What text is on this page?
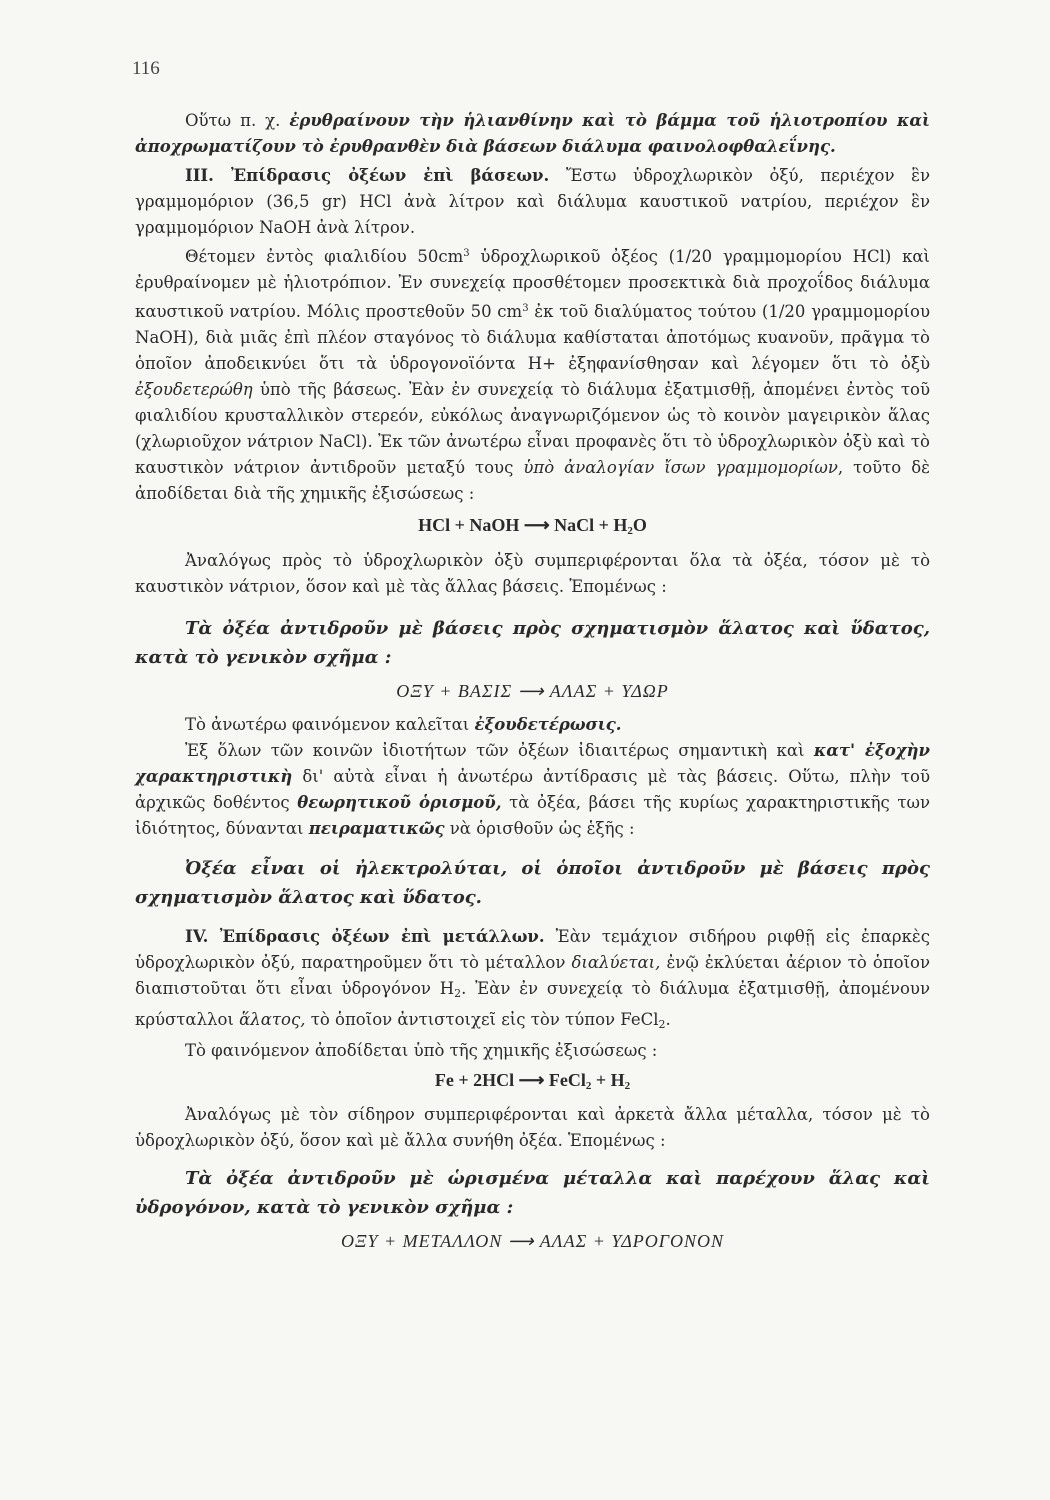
116

Οὕτω π. χ. ἐρυθραίνουν τὴν ἡλιανθίνην καὶ τὸ βάμμα τοῦ ἡλιοτροπίου καὶ ἀποχρωματίζουν τὸ ἐρυθρανθὲν διὰ βάσεων διάλυμα φαινολοφθαλεΐνης.

III. Ἐπίδρασις ὀξέων ἐπὶ βάσεων. Ἔστω ὑδροχλωρικὸν ὀξύ, περιέχον ἓν γραμμομόριον (36,5 gr) HCl ἀνὰ λίτρον καὶ διάλυμα καυστικοῦ νατρίου, περιέχον ἓν γραμμομόριον NaOH ἀνὰ λίτρον.

Θέτομεν ἐντὸς φιαλιδίου $50cm^3$ ὑδροχλωρικοῦ ὀξέος (1/20 γραμμομορίου HCl) καὶ ἐρυθραίνομεν μὲ ἡλιοτρόπιον. Ἐν συνεχείᾳ προσθέτομεν προσεκτικὰ διὰ προχοΐδος διάλυμα καυστικοῦ νατρίου. Μόλις προστεθοῦν 50 $cm^3$ ἐκ τοῦ διαλύματος τούτου (1/20 γραμμομορίου NaOH), διὰ μιᾶς ἐπὶ πλέον σταγόνος τὸ διάλυμα καθίσταται ἀποτόμως κυανοῦν, πρᾶγμα τὸ ὁποῖον ἀποδεικνύει ὅτι τὰ ὑδρογονοϊόντα H+ ἐξηφανίσθησαν καὶ λέγομεν ὅτι τὸ ὀξὺ ἐξουδετερώθη ὑπὸ τῆς βάσεως. Ἐὰν ἐν συνεχείᾳ τὸ διάλυμα ἐξατμισθῇ, ἀπομένει ἐντὸς τοῦ φιαλιδίου κρυσταλλικὸν στερεόν, εὐκόλως ἀναγνωριζόμενον ὡς τὸ κοινὸν μαγειρικὸν ἅλας (χλωριοῦχον νάτριον NaCl). Ἐκ τῶν ἀνωτέρω εἶναι προφανὲς ὅτι τὸ ὑδροχλωρικὸν ὀξὺ καὶ τὸ καυστικὸν νάτριον ἀντιδροῦν μεταξύ τους ὑπὸ ἀναλογίαν ἴσων γραμμομορίων, τοῦτο δὲ ἀποδίδεται διὰ τῆς χημικῆς ἐξισώσεως :

HCl + NaOH ⟶ NaCl + $H_2O$

Ἀναλόγως πρὸς τὸ ὑδροχλωρικὸν ὀξὺ συμπεριφέρονται ὅλα τὰ ὀξέα, τόσον μὲ τὸ καυστικὸν νάτριον, ὅσον καὶ μὲ τὰς ἄλλας βάσεις. Ἑπομένως :

Τὰ ὀξέα ἀντιδροῦν μὲ βάσεις πρὸς σχηματισμὸν ἅλατος καὶ ὕδατος, κατὰ τὸ γενικὸν σχῆμα :

ΟΞΥ + ΒΑΣΙΣ ⟶ ΑΛΑΣ + ΥΔΩΡ

Τὸ ἀνωτέρω φαινόμενον καλεῖται ἐξουδετέρωσις.

Ἐξ ὅλων τῶν κοινῶν ἰδιοτήτων τῶν ὀξέων ἰδιαιτέρως σημαντικὴ καὶ κατ' ἐξοχὴν χαρακτηριστικὴ δι' αὐτὰ εἶναι ἡ ἀνωτέρω ἀντίδρασις μὲ τὰς βάσεις. Οὕτω, πλὴν τοῦ ἀρχικῶς δοθέντος θεωρητικοῦ ὁρισμοῦ, τὰ ὀξέα, βάσει τῆς κυρίως χαρακτηριστικῆς των ἰδιότητος, δύνανται πειραματικῶς νὰ ὁρισθοῦν ὡς ἑξῆς :

Ὀξέα εἶναι οἱ ἠλεκτρολύται, οἱ ὁποῖοι ἀντιδροῦν μὲ βάσεις πρὸς σχηματισμὸν ἅλατος καὶ ὕδατος.

IV. Ἐπίδρασις ὀξέων ἐπὶ μετάλλων. Ἐὰν τεμάχιον σιδήρου ριφθῇ εἰς ἐπαρκὲς ὑδροχλωρικὸν ὀξύ, παρατηροῦμεν ὅτι τὸ μέταλλον διαλύεται, ἐνῷ ἐκλύεται ἀέριον τὸ ὁποῖον διαπιστοῦται ὅτι εἶναι ὑδρογόνον $H_2$. Ἐὰν ἐν συνεχείᾳ τὸ διάλυμα ἐξατμισθῇ, ἀπομένουν κρύσταλλοι ἅλατος, τὸ ὁποῖον ἀντιστοιχεῖ εἰς τὸν τύπον FeCl$_2$.

Τὸ φαινόμενον ἀποδίδεται ὑπὸ τῆς χημικῆς ἐξισώσεως :

Fe + 2HCl ⟶ FeCl$_2$ + $H_2$

Ἀναλόγως μὲ τὸν σίδηρον συμπεριφέρονται καὶ ἀρκετὰ ἄλλα μέταλλα, τόσον μὲ τὸ ὑδροχλωρικὸν ὀξύ, ὅσον καὶ μὲ ἄλλα συνήθη ὀξέα. Ἑπομένως :

Τὰ ὀξέα ἀντιδροῦν μὲ ὡρισμένα μέταλλα καὶ παρέχουν ἅλας καὶ ὑδρογόνον, κατὰ τὸ γενικὸν σχῆμα :

ΟΞΥ + ΜΕΤΑΛΛΟΝ ⟶ ΑΛΑΣ + ΥΔΡΟΓΟΝΟΝ
